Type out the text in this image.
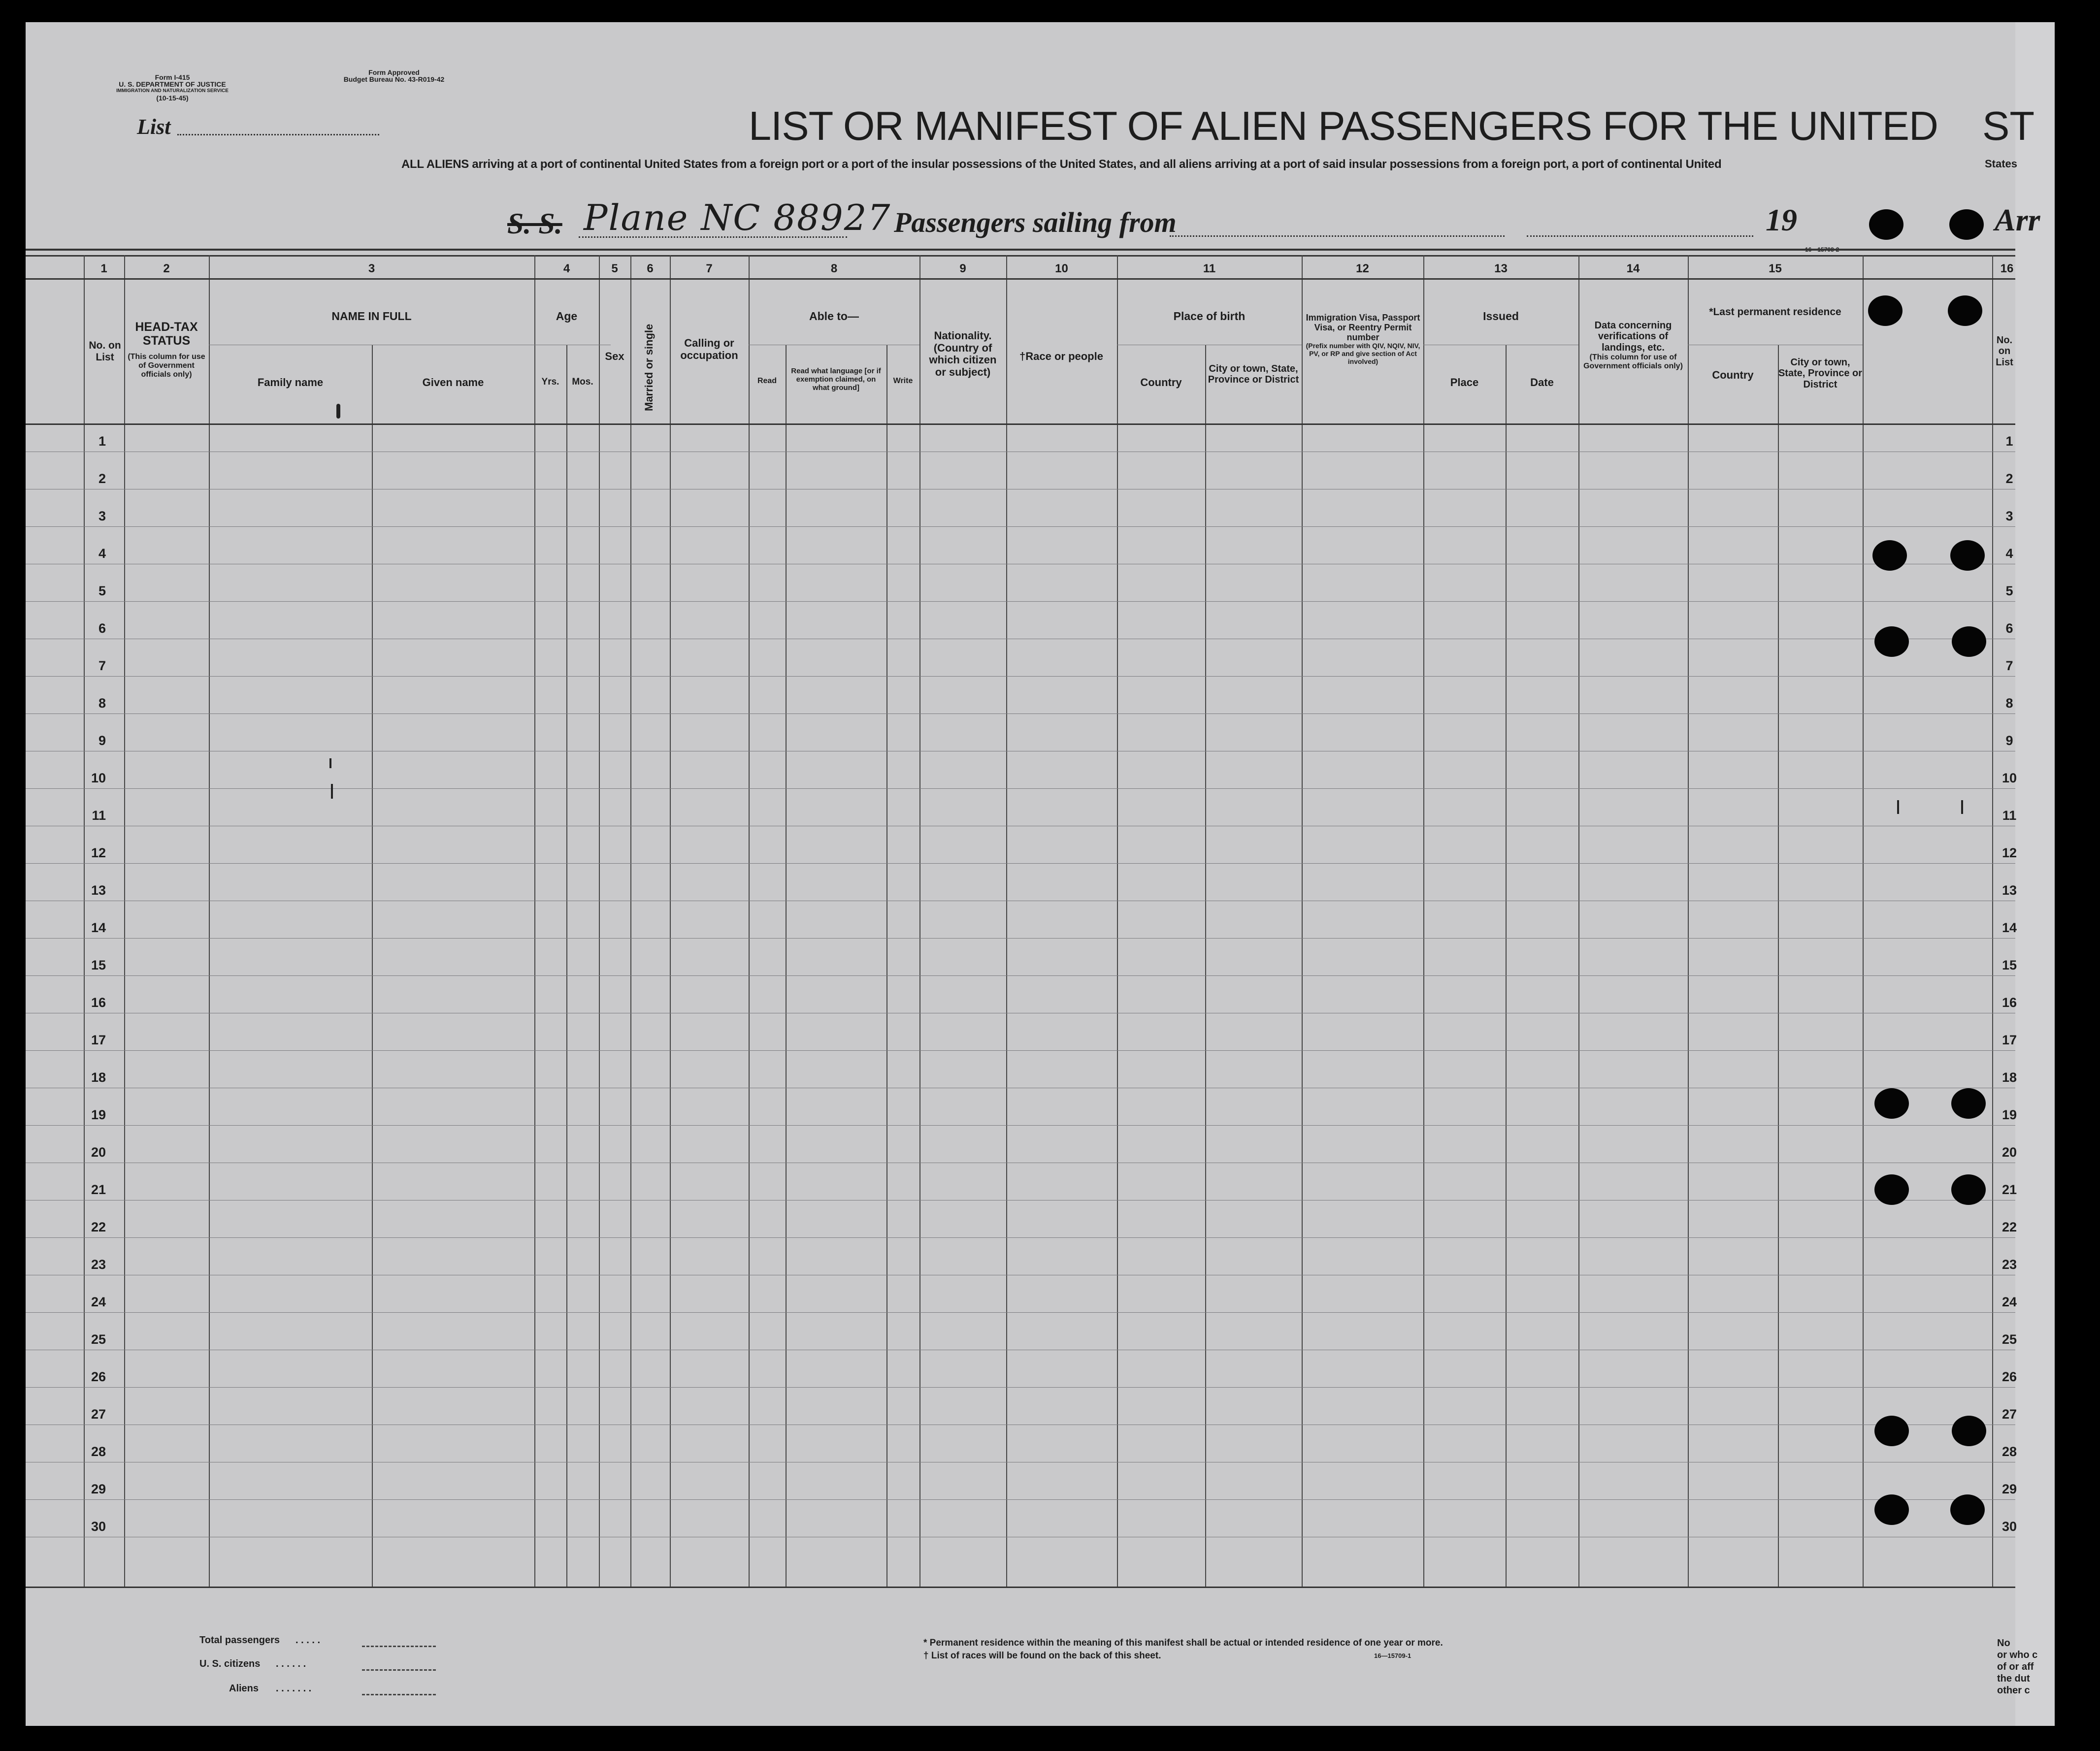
Form I-415
U. S. DEPARTMENT OF JUSTICE
IMMIGRATION AND NATURALIZATION SERVICE
(10-15-45)
Form Approved
Budget Bureau No. 43-R019-42
List	LIST OR MANIFEST OF ALIEN PASSENGERS FOR THE UNITED ST
ALL ALIENS arriving at a port of continental United States from a foreign port or a port of the insular possessions of the United States, and all aliens arriving at a port of said insular possessions from a foreign port, a port of continental United	States
S. S. Plane NC 88927 Passengers sailing from	19	Arr
16—15708-2
1	2	3	4	5	6	7	8	9	10	11	12	13	14	15	16
No. on List
HEAD-TAX STATUS
(This column for use of Government officials only)
NAME IN FULL
Family name	Given name
Age
Yrs.	Mos.
Sex	Married or single	Calling or occupation
Able to—
Read
Read what language [or if exemption claimed, on what ground]
Write
Nationality. (Country of which citizen or subject)
†Race or people
Place of birth
Country
City or town, State, Province or District
Immigration Visa, Passport Visa, or Reentry Permit number
(Prefix number with QIV, NQIV, NIV, PV, or RP and give section of Act involved)
Issued
Place	Date
Data concerning verifications of landings, etc.
(This column for use of Government officials only)
*Last permanent residence
Country
City or town, State, Province or District
No. on List
1	1
2	2
3	3
4	4
5	5
6	6
7	7
8	8
9	9
10	10
11	11
12	12
13	13
14	14
15	15
16	16
17	17
18	18
19	19
20	20
21	21
22	22
23	23
24	24
25	25
26	26
27	27
28	28
29	29
30	30
Total passengers . . . . .
U. S. citizens . . . . . .
Aliens . . . . . . .
* Permanent residence within the meaning of this manifest shall be actual or intended residence of one year or more.
† List of races will be found on the back of this sheet.	16—15709-1
No
or who c
of or aff
the dut
other c
